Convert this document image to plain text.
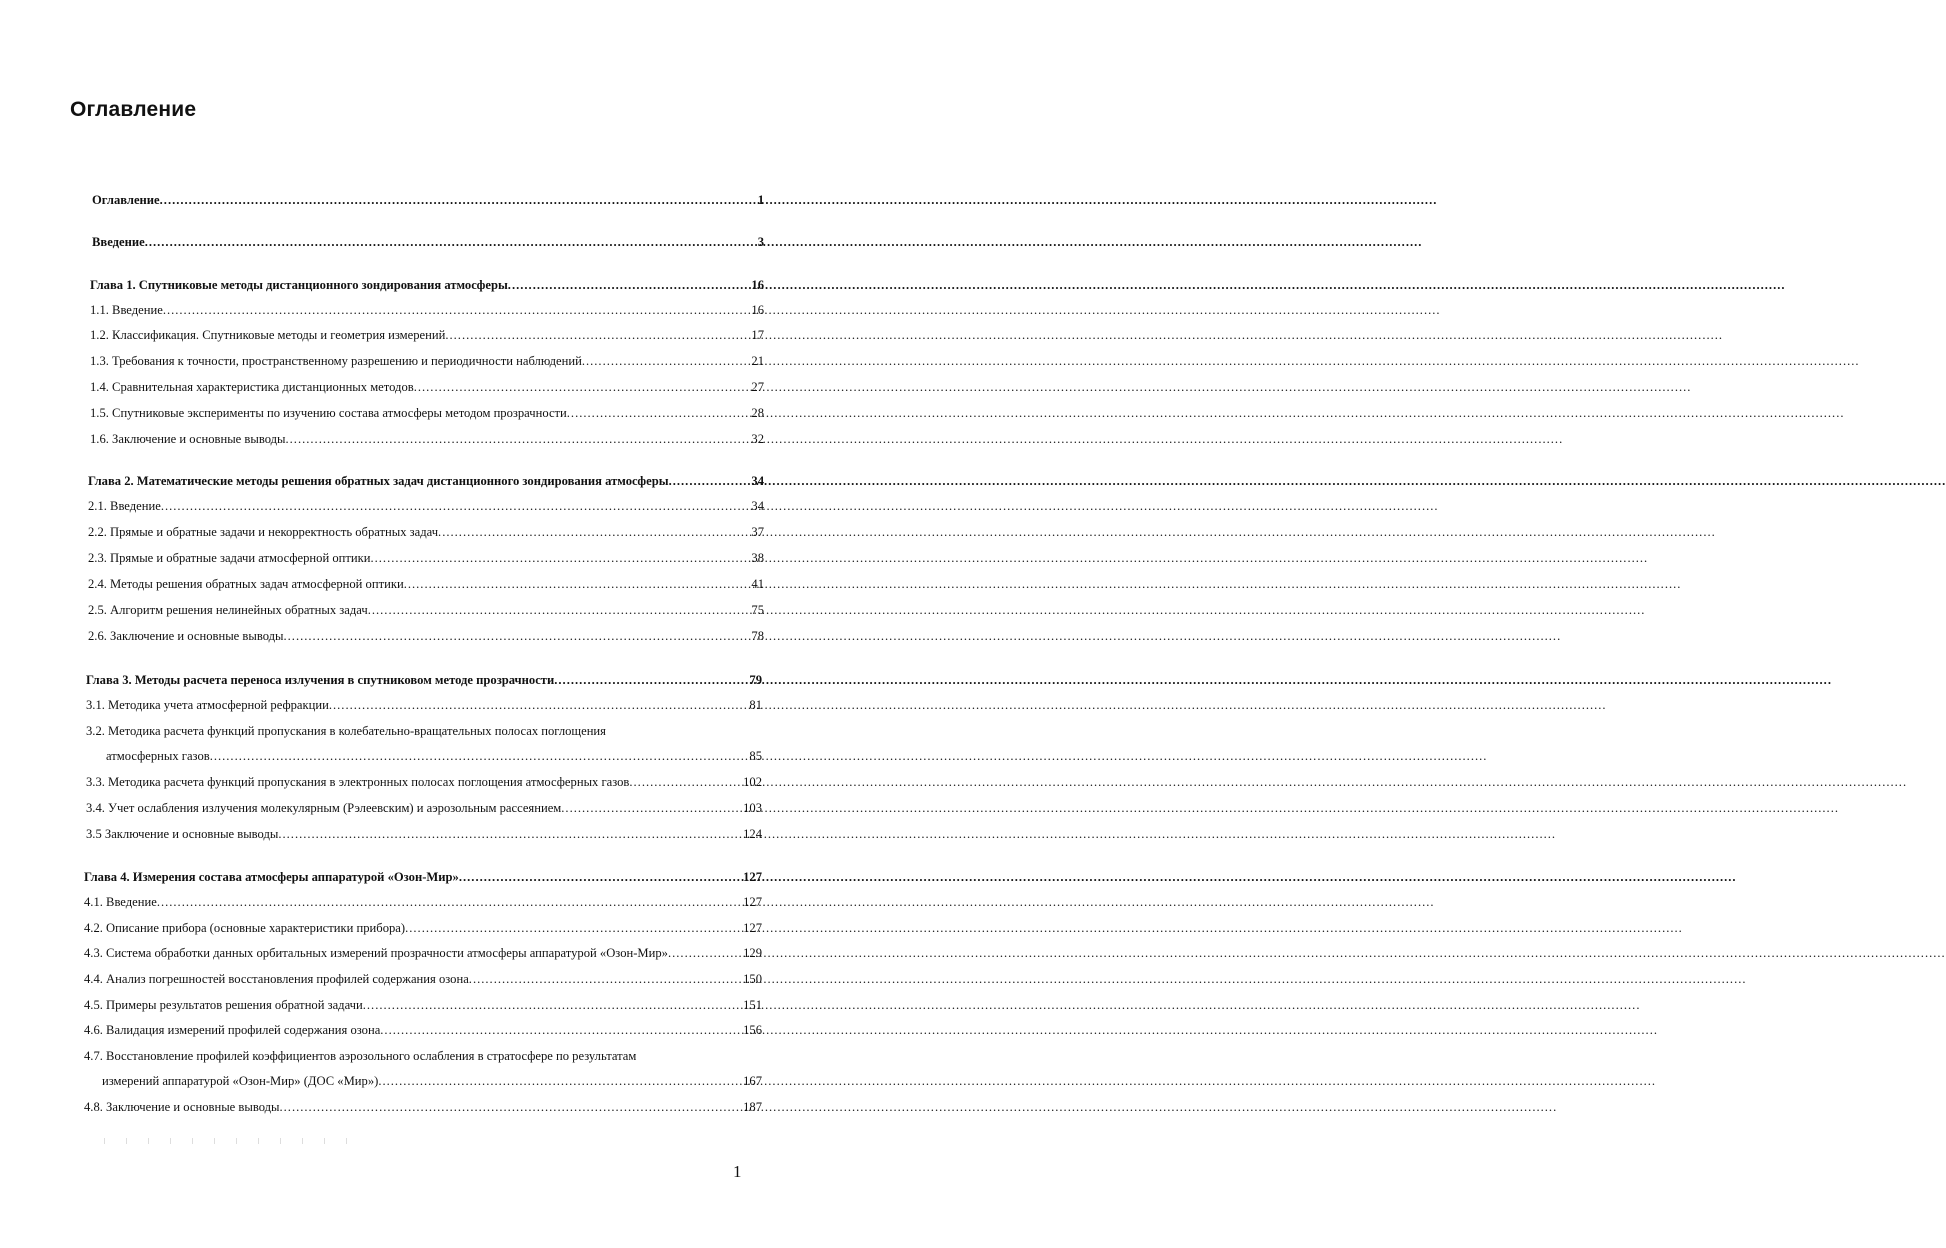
Оглавление
Оглавление .....	1
Введение .....	3
Глава 1. Спутниковые методы дистанционного зондирования атмосферы .....	16
1.1. Введение .....	16
1.2. Классификация. Спутниковые методы и геометрия измерений .....	17
1.3. Требования к точности, пространственному разрешению и периодичности наблюдений .....	21
1.4. Сравнительная характеристика дистанционных методов .....	27
1.5. Спутниковые эксперименты по изучению состава атмосферы методом прозрачности .....	28
1.6. Заключение и основные выводы .....	32
Глава 2. Математические методы решения обратных задач дистанционного зондирования атмосферы .....	34
2.1. Введение .....	34
2.2. Прямые и обратные задачи и некорректность обратных задач .....	37
2.3. Прямые и обратные задачи атмосферной оптики .....	38
2.4. Методы решения обратных задач атмосферной оптики .....	41
2.5. Алгоритм решения нелинейных обратных задач .....	75
2.6. Заключение и основные выводы .....	78
Глава 3. Методы расчета переноса излучения в спутниковом методе прозрачности .....	79
3.1. Методика учета атмосферной рефракции .....	81
3.2. Методика расчета функций пропускания в колебательно-вращательных полосах поглощения
атмосферных газов .....	85
3.3. Методика расчета функций пропускания в электронных полосах поглощения атмосферных газов .....	102
3.4. Учет ослабления излучения молекулярным (Рэлеевским) и аэрозольным рассеянием .....	103
3.5 Заключение и основные выводы .....	124
Глава 4. Измерения состава атмосферы аппаратурой «Озон-Мир» .....	127
4.1. Введение .....	127
4.2. Описание прибора (основные характеристики прибора) .....	127
4.3. Система обработки данных орбитальных измерений прозрачности атмосферы аппаратурой «Озон-Мир» .....	129
4.4. Анализ погрешностей восстановления профилей содержания озона .....	150
4.5. Примеры результатов решения обратной задачи .....	151
4.6. Валидация измерений профилей содержания озона .....	156
4.7. Восстановление профилей коэффициентов аэрозольного ослабления в стратосфере по результатам
измерений аппаратурой «Озон-Мир» (ДОС «Мир») .....	167
4.8. Заключение и основные выводы .....	187
1
